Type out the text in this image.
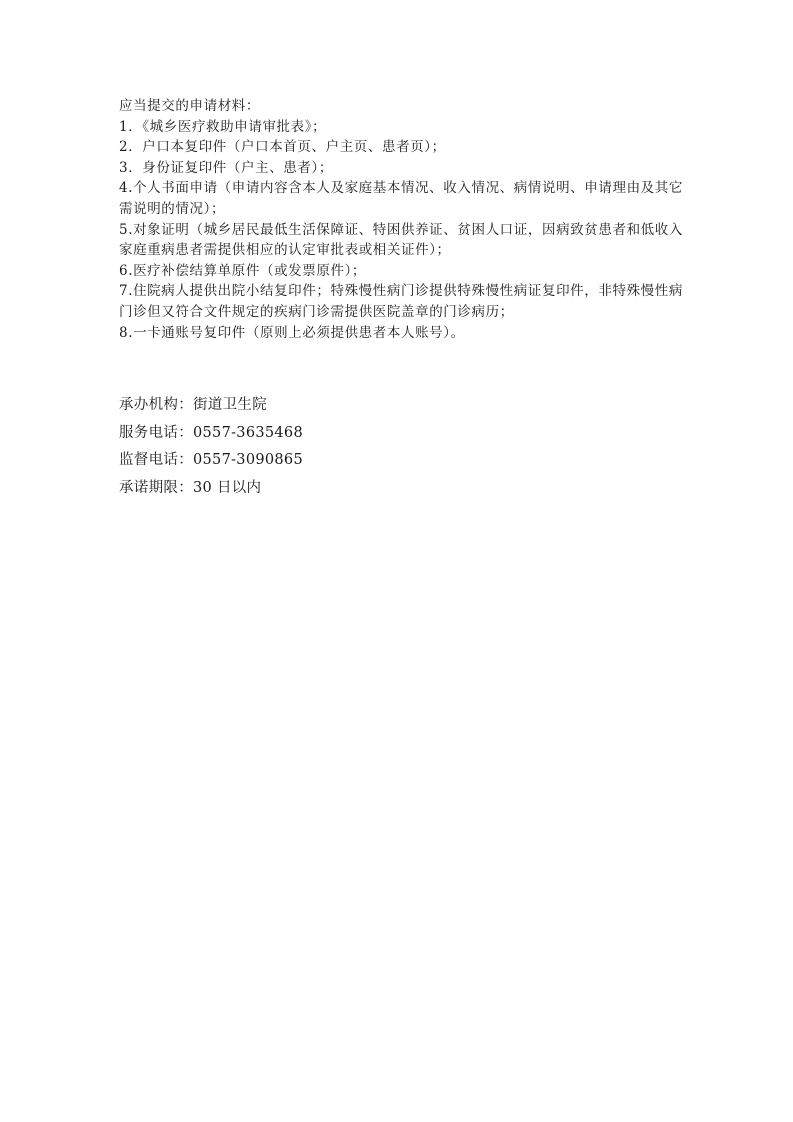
应当提交的申请材料：

1．《城乡医疗救助申请审批表》；

2．户口本复印件（户口本首页、户主页、患者页）；

3．身份证复印件（户主、患者）；

4.个人书面申请（申请内容含本人及家庭基本情况、收入情况、病情说明、申请理由及其它需说明的情况）；

5.对象证明（城乡居民最低生活保障证、特困供养证、贫困人口证，因病致贫患者和低收入家庭重病患者需提供相应的认定审批表或相关证件）；

6.医疗补偿结算单原件（或发票原件）；

7.住院病人提供出院小结复印件；特殊慢性病门诊提供特殊慢性病证复印件，非特殊慢性病门诊但又符合文件规定的疾病门诊需提供医院盖章的门诊病历；

8.一卡通账号复印件（原则上必须提供患者本人账号）。

承办机构：街道卫生院

服务电话：0557-3635468

监督电话：0557-3090865

承诺期限：30 日以内
